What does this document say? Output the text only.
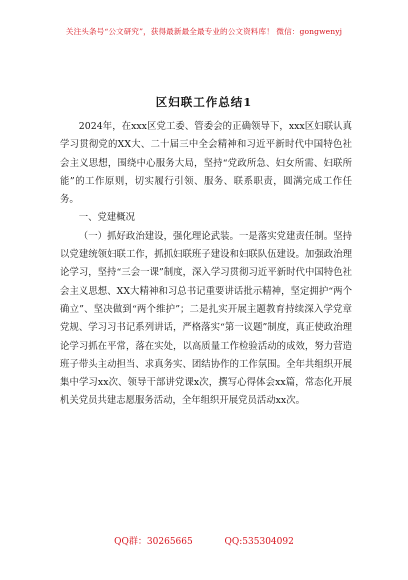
关注头条号“公文研究”，获得最新最全最专业的公文资料库！ 微信：gongwenyj
区妇联工作总结1

2024年，在xxx区党工委、管委会的正确领导下，xxx区妇联认真学习贯彻党的XX大、二十届三中全会精神和习近平新时代中国特色社会主义思想，围绕中心服务大局，坚持“党政所急、妇女所需、妇联所能”的工作原则，切实履行引领、服务、联系职责，圆满完成工作任务。

一、党建概况

（一）抓好政治建设，强化理论武装。一是落实党建责任制。坚持以党建统领妇联工作，抓抓妇联班子建设和妇联队伍建设。加强政治理论学习，坚持“三会一课”制度，深入学习贯彻习近平新时代中国特色社会主义思想、XX大精神和习总书记重要讲话批示精神，坚定拥护“两个确立”、坚决做到“两个维护”；二是扎实开展主题教育持续深入学党章党规、学习习书记系列讲话，严格落实“第一议题”制度，真正使政治理论学习抓在平常，落在实处，以高质量工作检验活动的成效，努力营造班子带头主动担当、求真务实、团结协作的工作氛围。全年共组织开展集中学习xx次、领导干部讲党课x次，撰写心得体会xx篇，常态化开展机关党员共建志愿服务活动，全年组织开展党员活动xx次。

QQ群：30265665	QQ:535304092
